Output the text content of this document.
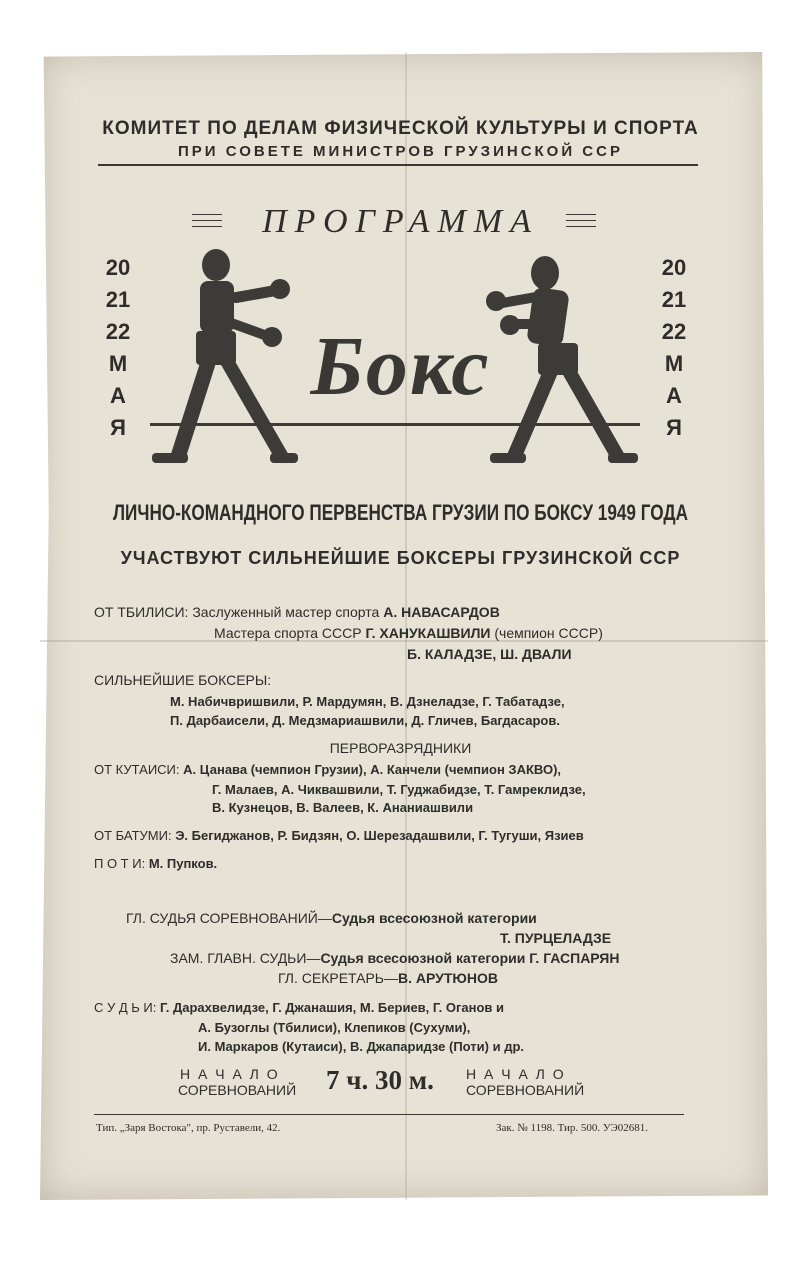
КОМИТЕТ ПО ДЕЛАМ ФИЗИЧЕСКОЙ КУЛЬТУРЫ И СПОРТА
ПРИ СОВЕТЕ МИНИСТРОВ ГРУЗИНСКОЙ ССР
ПРОГРАММА
20
21
22
М
А
Я
20
21
22
М
А
Я
Бокс
ЛИЧНО-КОМАНДНОГО ПЕРВЕНСТВА ГРУЗИИ ПО БОКСУ 1949 ГОДА
УЧАСТВУЮТ СИЛЬНЕЙШИЕ БОКСЕРЫ ГРУЗИНСКОЙ ССР
ОТ ТБИЛИСИ: Заслуженный мастер спорта А. НАВАСАРДОВ
Мастера спорта СССР Г. ХАНУКАШВИЛИ (чемпион СССР)
Б. КАЛАДЗЕ, Ш. ДВАЛИ
СИЛЬНЕЙШИЕ БОКСЕРЫ:
М. Набичвришвили, Р. Мардумян, В. Дзнеладзе, Г. Табатадзе,
П. Дарбаисели, Д. Медзмариашвили, Д. Гличев, Багдасаров.
ПЕРВОРАЗРЯДНИКИ
ОТ КУТАИСИ: А. Цанава (чемпион Грузии), А. Канчели (чемпион ЗАКВО),
Г. Малаев, А. Чиквашвили, Т. Гуджабидзе, Т. Гамреклидзе,
В. Кузнецов, В. Валеев, К. Ананиашвили
ОТ БАТУМИ: Э. Бегиджанов, Р. Бидзян, О. Шерезадашвили, Г. Тугуши, Язиев
П О Т И: М. Пупков.
ГЛ. СУДЬЯ СОРЕВНОВАНИЙ—Судья всесоюзной категории
Т. ПУРЦЕЛАДЗЕ
ЗАМ. ГЛАВН. СУДЬИ—Судья всесоюзной категории Г. ГАСПАРЯН
ГЛ. СЕКРЕТАРЬ—В. АРУТЮНОВ
С У Д Ь И: Г. Дарахвелидзе, Г. Джанашия, М. Бериев, Г. Оганов и
А. Бузоглы (Тбилиси), Клепиков (Сухуми),
И. Маркаров (Кутаиси), В. Джапаридзе (Поти) и др.
Н А Ч А Л О
СОРЕВНОВАНИЙ 7 ч. 30 м. Н А Ч А Л О
СОРЕВНОВАНИЙ
Тип. „Заря Востока", пр. Руставели, 42.	Зак. № 1198. Тир. 500. УЭ02681.
